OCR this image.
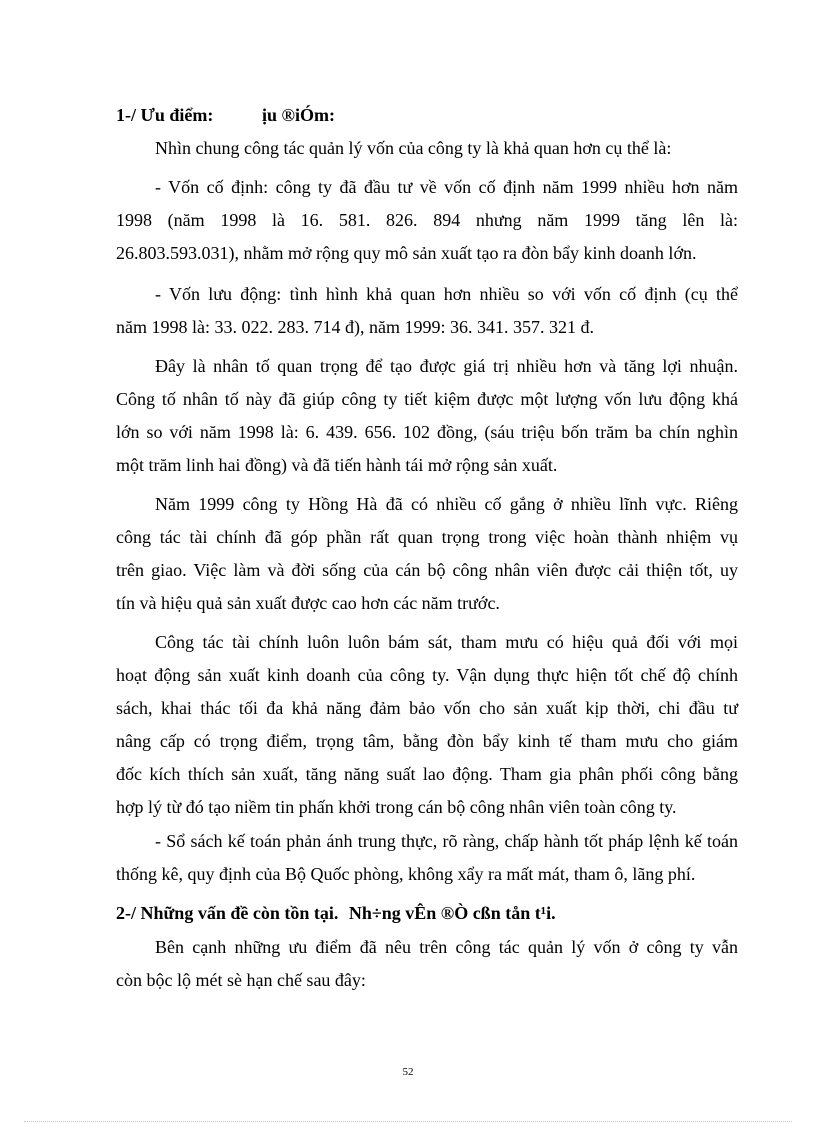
1-/ Ưu điểm:	ịu ®iÓm:
Nhìn chung công tác quản lý vốn của công ty là khả quan hơn cụ thể là:
- Vốn cố định: công ty đã đầu tư về vốn cố định năm 1999 nhiều hơn năm
1998 (năm 1998 là 16. 581. 826. 894 nhưng năm 1999 tăng lên là:
26.803.593.031), nhằm mở rộng quy mô sản xuất tạo ra đòn bẩy kinh doanh lớn.
- Vốn lưu động: tình hình khả quan hơn nhiều so với vốn cố định (cụ thể
năm 1998 là: 33. 022. 283. 714 đ), năm 1999: 36. 341. 357. 321 đ.
Đây là nhân tố quan trọng để tạo được giá trị nhiều hơn và tăng lợi nhuận.
Công tố nhân tố này đã giúp công ty tiết kiệm được một lượng vốn lưu động khá
lớn so với năm 1998 là: 6. 439. 656. 102 đồng, (sáu triệu bốn trăm ba chín nghìn
một trăm linh hai đồng) và đã tiến hành tái mở rộng sản xuất.
Năm 1999 công ty Hồng Hà đã có nhiều cố gắng ở nhiều lĩnh vực. Riêng
công tác tài chính đã góp phần rất quan trọng trong việc hoàn thành nhiệm vụ
trên giao. Việc làm và đời sống của cán bộ công nhân viên được cải thiện tốt, uy
tín và hiệu quả sản xuất được cao hơn các năm trước.
Công tác tài chính luôn luôn bám sát, tham mưu có hiệu quả đối với mọi
hoạt động sản xuất kinh doanh của công ty. Vận dụng thực hiện tốt chế độ chính
sách, khai thác tối đa khả năng đảm bảo vốn cho sản xuất kịp thời, chi đầu tư
nâng cấp có trọng điểm, trọng tâm, bằng đòn bẩy kinh tế tham mưu cho giám
đốc kích thích sản xuất, tăng năng suất lao động. Tham gia phân phối công bằng
hợp lý từ đó tạo niềm tin phấn khởi trong cán bộ công nhân viên toàn công ty.
- Sổ sách kế toán phản ánh trung thực, rõ ràng, chấp hành tốt pháp lệnh kế toán
thống kê, quy định của Bộ Quốc phòng, không xẩy ra mất mát, tham ô, lãng phí.
2-/ Những vấn đề còn tồn tại. Nh÷ng vÊn ®Ò cßn tån t¹i.
Bên cạnh những ưu điểm đã nêu trên công tác quản lý vốn ở công ty vẫn
còn bộc lộ mét sè hạn chế sau đây:
52
